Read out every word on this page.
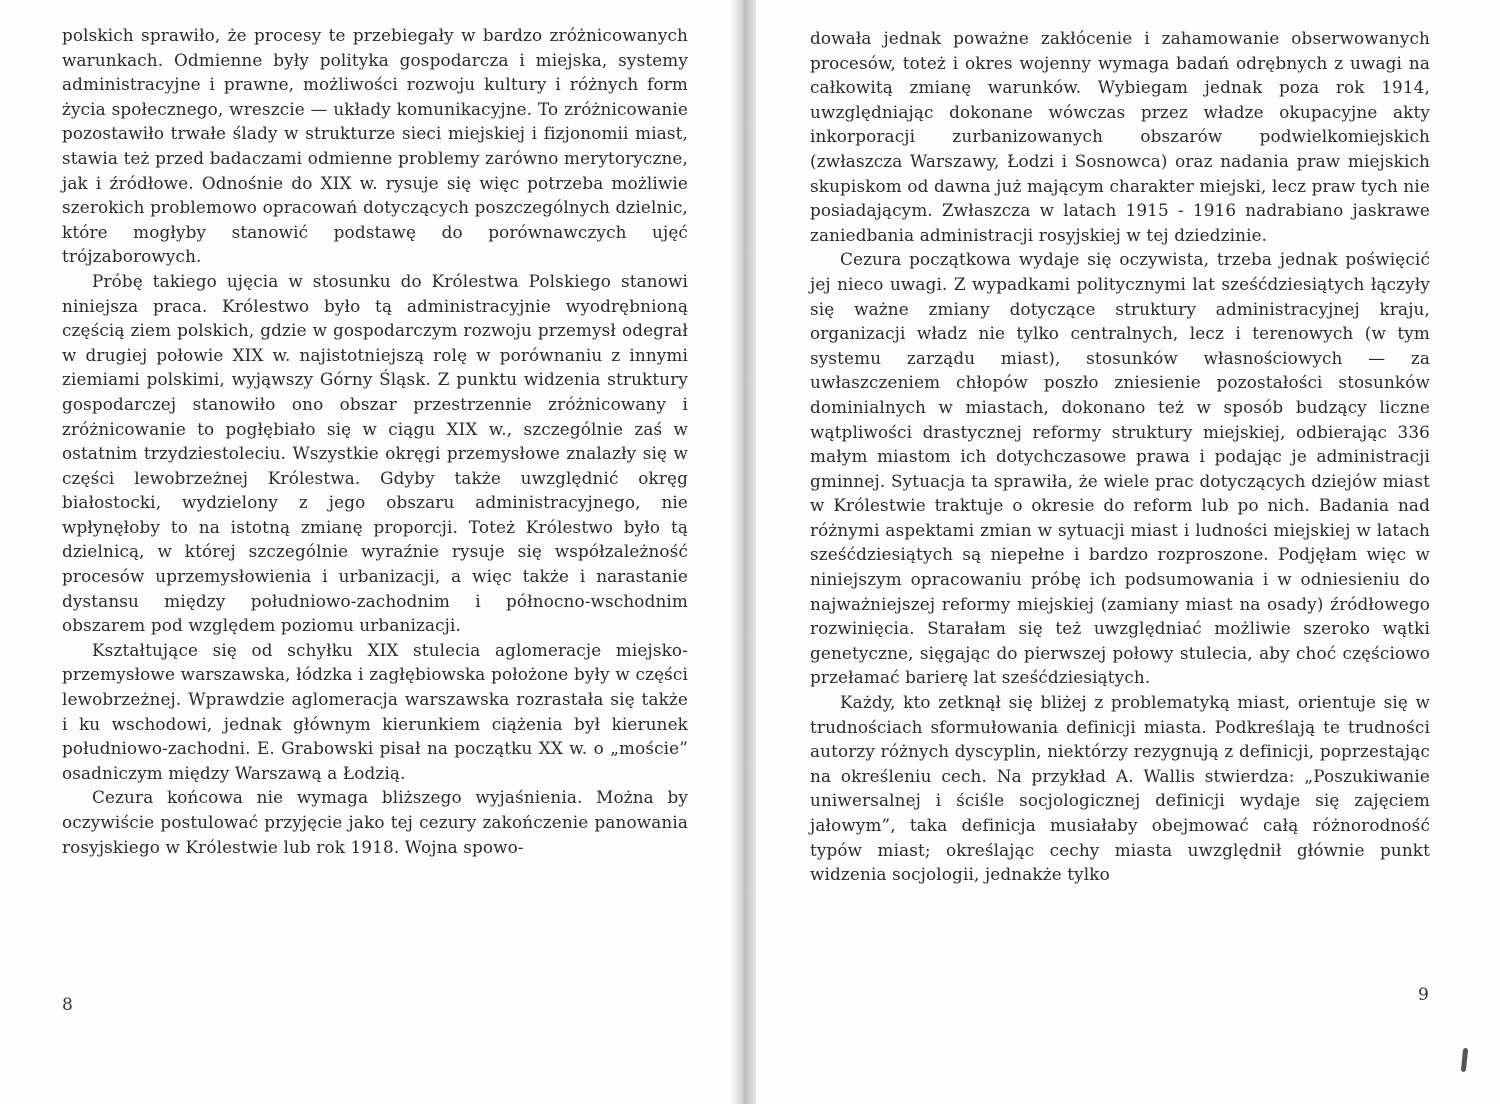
polskich sprawiło, że procesy te przebiegały w bardzo zróżnicowanych warunkach. Odmienne były polityka gospodarcza i miejska, systemy administracyjne i prawne, możliwości rozwoju kultury i różnych form życia społecznego, wreszcie — układy komunikacyjne. To zróżnicowanie pozostawiło trwałe ślady w strukturze sieci miejskiej i fizjonomii miast, stawia też przed badaczami odmienne problemy zarówno merytoryczne, jak i źródłowe. Odnośnie do XIX w. rysuje się więc potrzeba możliwie szerokich problemowo opracowań dotyczących poszczególnych dzielnic, które mogłyby stanowić podstawę do porównawczych ujęć trójzaborowych.

Próbę takiego ujęcia w stosunku do Królestwa Polskiego stanowi niniejsza praca. Królestwo było tą administracyjnie wyodrębnioną częścią ziem polskich, gdzie w gospodarczym rozwoju przemysł odegrał w drugiej połowie XIX w. najistotniejszą rolę w porównaniu z innymi ziemiami polskimi, wyjąwszy Górny Śląsk. Z punktu widzenia struktury gospodarczej stanowiło ono obszar przestrzennie zróżnicowany i zróżnicowanie to pogłębiało się w ciągu XIX w., szczególnie zaś w ostatnim trzydziestoleciu. Wszystkie okręgi przemysłowe znalazły się w części lewobrzeżnej Królestwa. Gdyby także uwzględnić okręg białostocki, wydzielony z jego obszaru administracyjnego, nie wpłynęłoby to na istotną zmianę proporcji. Toteż Królestwo było tą dzielnicą, w której szczególnie wyraźnie rysuje się współzależność procesów uprzemysłowienia i urbanizacji, a więc także i narastanie dystansu między południowo-zachodnim i północno-wschodnim obszarem pod względem poziomu urbanizacji.

Kształtujące się od schyłku XIX stulecia aglomeracje miejsko-przemysłowe warszawska, łódzka i zagłębiowska położone były w części lewobrzeżnej. Wprawdzie aglomeracja warszawska rozrastała się także i ku wschodowi, jednak głównym kierunkiem ciążenia był kierunek południowo-zachodni. E. Grabowski pisał na początku XX w. o „moście” osadniczym między Warszawą a Łodzią.

Cezura końcowa nie wymaga bliższego wyjaśnienia. Można by oczywiście postulować przyjęcie jako tej cezury zakończenie panowania rosyjskiego w Królestwie lub rok 1918. Wojna spowo-

dowała jednak poważne zakłócenie i zahamowanie obserwowanych procesów, toteż i okres wojenny wymaga badań odrębnych z uwagi na całkowitą zmianę warunków. Wybiegam jednak poza rok 1914, uwzględniając dokonane wówczas przez władze okupacyjne akty inkorporacji zurbanizowanych obszarów podwielkomiejskich (zwłaszcza Warszawy, Łodzi i Sosnowca) oraz nadania praw miejskich skupiskom od dawna już mającym charakter miejski, lecz praw tych nie posiadającym. Zwłaszcza w latach 1915 - 1916 nadrabiano jaskrawe zaniedbania administracji rosyjskiej w tej dziedzinie.

Cezura początkowa wydaje się oczywista, trzeba jednak poświęcić jej nieco uwagi. Z wypadkami politycznymi lat sześćdziesiątych łączyły się ważne zmiany dotyczące struktury administracyjnej kraju, organizacji władz nie tylko centralnych, lecz i terenowych (w tym systemu zarządu miast), stosunków własnościowych — za uwłaszczeniem chłopów poszło zniesienie pozostałości stosunków dominialnych w miastach, dokonano też w sposób budzący liczne wątpliwości drastycznej reformy struktury miejskiej, odbierając 336 małym miastom ich dotychczasowe prawa i podając je administracji gminnej. Sytuacja ta sprawiła, że wiele prac dotyczących dziejów miast w Królestwie traktuje o okresie do reform lub po nich. Badania nad różnymi aspektami zmian w sytuacji miast i ludności miejskiej w latach sześćdziesiątych są niepełne i bardzo rozproszone. Podjęłam więc w niniejszym opracowaniu próbę ich podsumowania i w odniesieniu do najważniejszej reformy miejskiej (zamiany miast na osady) źródłowego rozwinięcia. Starałam się też uwzględniać możliwie szeroko wątki genetyczne, sięgając do pierwszej połowy stulecia, aby choć częściowo przełamać barierę lat sześćdziesiątych.

Każdy, kto zetknął się bliżej z problematyką miast, orientuje się w trudnościach sformułowania definicji miasta. Podkreślają te trudności autorzy różnych dyscyplin, niektórzy rezygnują z definicji, poprzestając na określeniu cech. Na przykład A. Wallis stwierdza: „Poszukiwanie uniwersalnej i ściśle socjologicznej definicji wydaje się zajęciem jałowym”, taka definicja musiałaby obejmować całą różnorodność typów miast; określając cechy miasta uwzględnił głównie punkt widzenia socjologii, jednakże tylko

8	9
